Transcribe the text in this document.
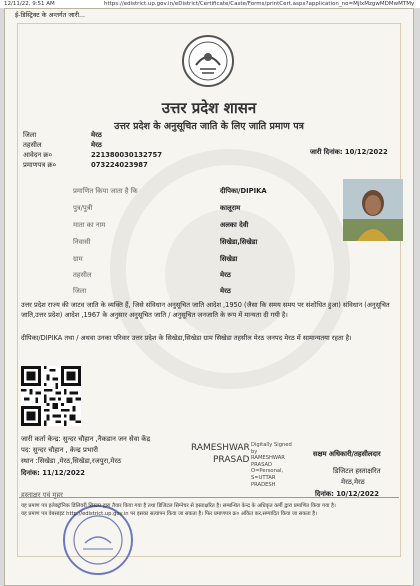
12/11/22, 9:51 AM	https://edistrict.up.gov.in/eDistrict/Certificate/Caste/Forms/printCert.aspx?application_no=MjIxMzgwMDMwMTMy
ई-डिस्ट्रिक्ट के अन्तर्गत जारी...
उत्तर प्रदेश शासन
उत्तर प्रदेश के अनुसूचित जाति के लिए जाति प्रमाण पत्र
जिला	मेरठ
तहसील	मेरठ
आवेदन क्र०	221380030132757
प्रमाणपत्र क्र०	073224023987
जारी दिनांक: 10/12/2022
प्रमाणित किया जाता है कि	दीपिका/DIPIKA
पुत्र/पुत्री	कालूराम
माता का नाम	अलका देवी
निवासी	सिखेडा,सिखेडा
ग्राम	सिखेडा
तहसील	मेरठ
जिला	मेरठ
उत्तर प्रदेश राज्य की जाटव जाति के व्यक्ति हैं, जिसे संविधान अनुसूचित जाति आदेश ,1950 (जैसा कि समय समय पर संशोधित हुआ) संविधान (अनुसूचित जाति,उत्तर प्रदेश) आदेश ,1967 के अनुसार अनुसूचित जाति / अनुसूचित जनजाति के रूप में मान्यता दी गयी है।
दीपिका/DIPIKA तथा / अथवा उनका परिवार उत्तर प्रदेश के सिखेडा,सिखेडा ग्राम सिखेडा तहसील मेरठ जनपद मेरठ में सामान्यतया रहता है।
जारी कर्ता केन्द्र: सुन्दर चौहान ,नैकडान जन सेवा केंद्र
पद: सुन्दर चौहान , केन्द्र प्रभारी
स्थान :सिखेडा ,मेरठ,सिखेडा,रजपुरा,मेरठ
दिनांक: 11/12/2022
RAMESHWAR
PRASAD
Digitally Signed
by
RAMESHWAR
PRASAD
O=Personal,
S=UTTAR
PRADESH
सक्षम अधिकारी/तहसीलदार
डिजिटल हस्ताक्षरित
मेरठ,मेरठ
दिनांक: 10/12/2022
हस्ताक्षर एवं मुहर
यह प्रमाण पत्र इलेक्ट्रॉनिक डिलिवरी सिस्टम द्वारा तैयार किया गया है तथा डिजिटल सिग्नेचर से हस्ताक्षरित है। सम्बन्धित केन्द्र के अधिकृत कर्मी द्वारा प्रमाणित किया गया है।
यह प्रमाण पत्र वेबसाइट http://edistrict.up.gov.in पर इसका सत्यापन किया जा सकता है। फिर प्रमाणपत्र क्र० अंकित कर,सम्पादित किया जा सकता है।
